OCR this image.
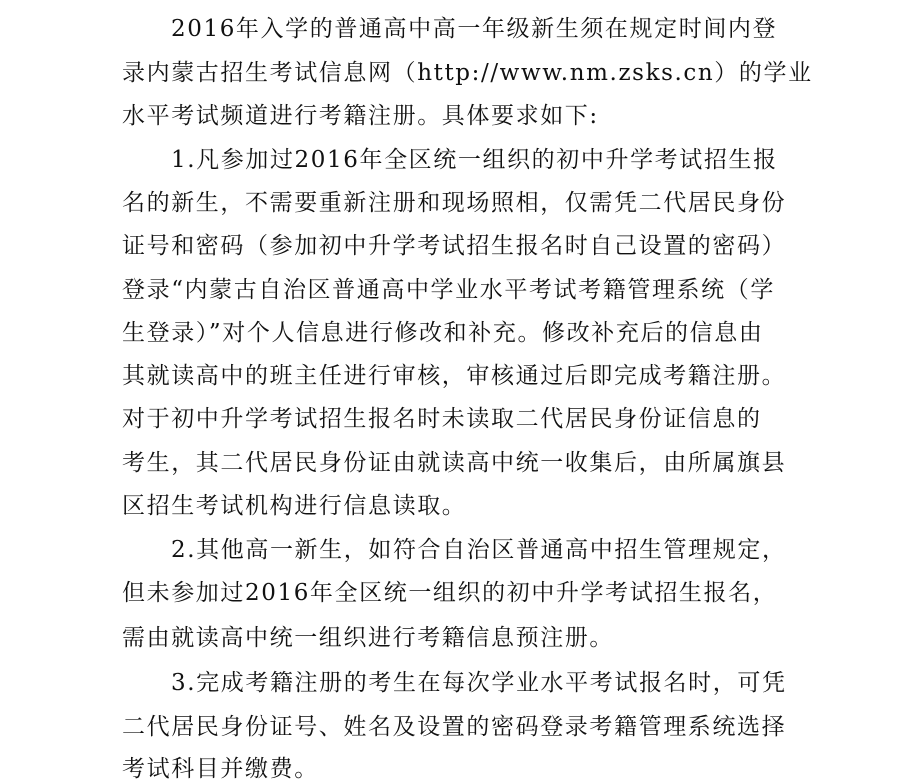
2016年入学的普通高中高一年级新生须在规定时间内登
录内蒙古招生考试信息网（http://www.nm.zsks.cn）的学业
水平考试频道进行考籍注册。具体要求如下:
1.凡参加过2016年全区统一组织的初中升学考试招生报
名的新生，不需要重新注册和现场照相，仅需凭二代居民身份
证号和密码（参加初中升学考试招生报名时自己设置的密码）
登录“内蒙古自治区普通高中学业水平考试考籍管理系统（学
生登录）”对个人信息进行修改和补充。修改补充后的信息由
其就读高中的班主任进行审核，审核通过后即完成考籍注册。
对于初中升学考试招生报名时未读取二代居民身份证信息的
考生，其二代居民身份证由就读高中统一收集后，由所属旗县
区招生考试机构进行信息读取。
2.其他高一新生，如符合自治区普通高中招生管理规定，
但未参加过2016年全区统一组织的初中升学考试招生报名，
需由就读高中统一组织进行考籍信息预注册。
3.完成考籍注册的考生在每次学业水平考试报名时，可凭
二代居民身份证号、姓名及设置的密码登录考籍管理系统选择
考试科目并缴费。
